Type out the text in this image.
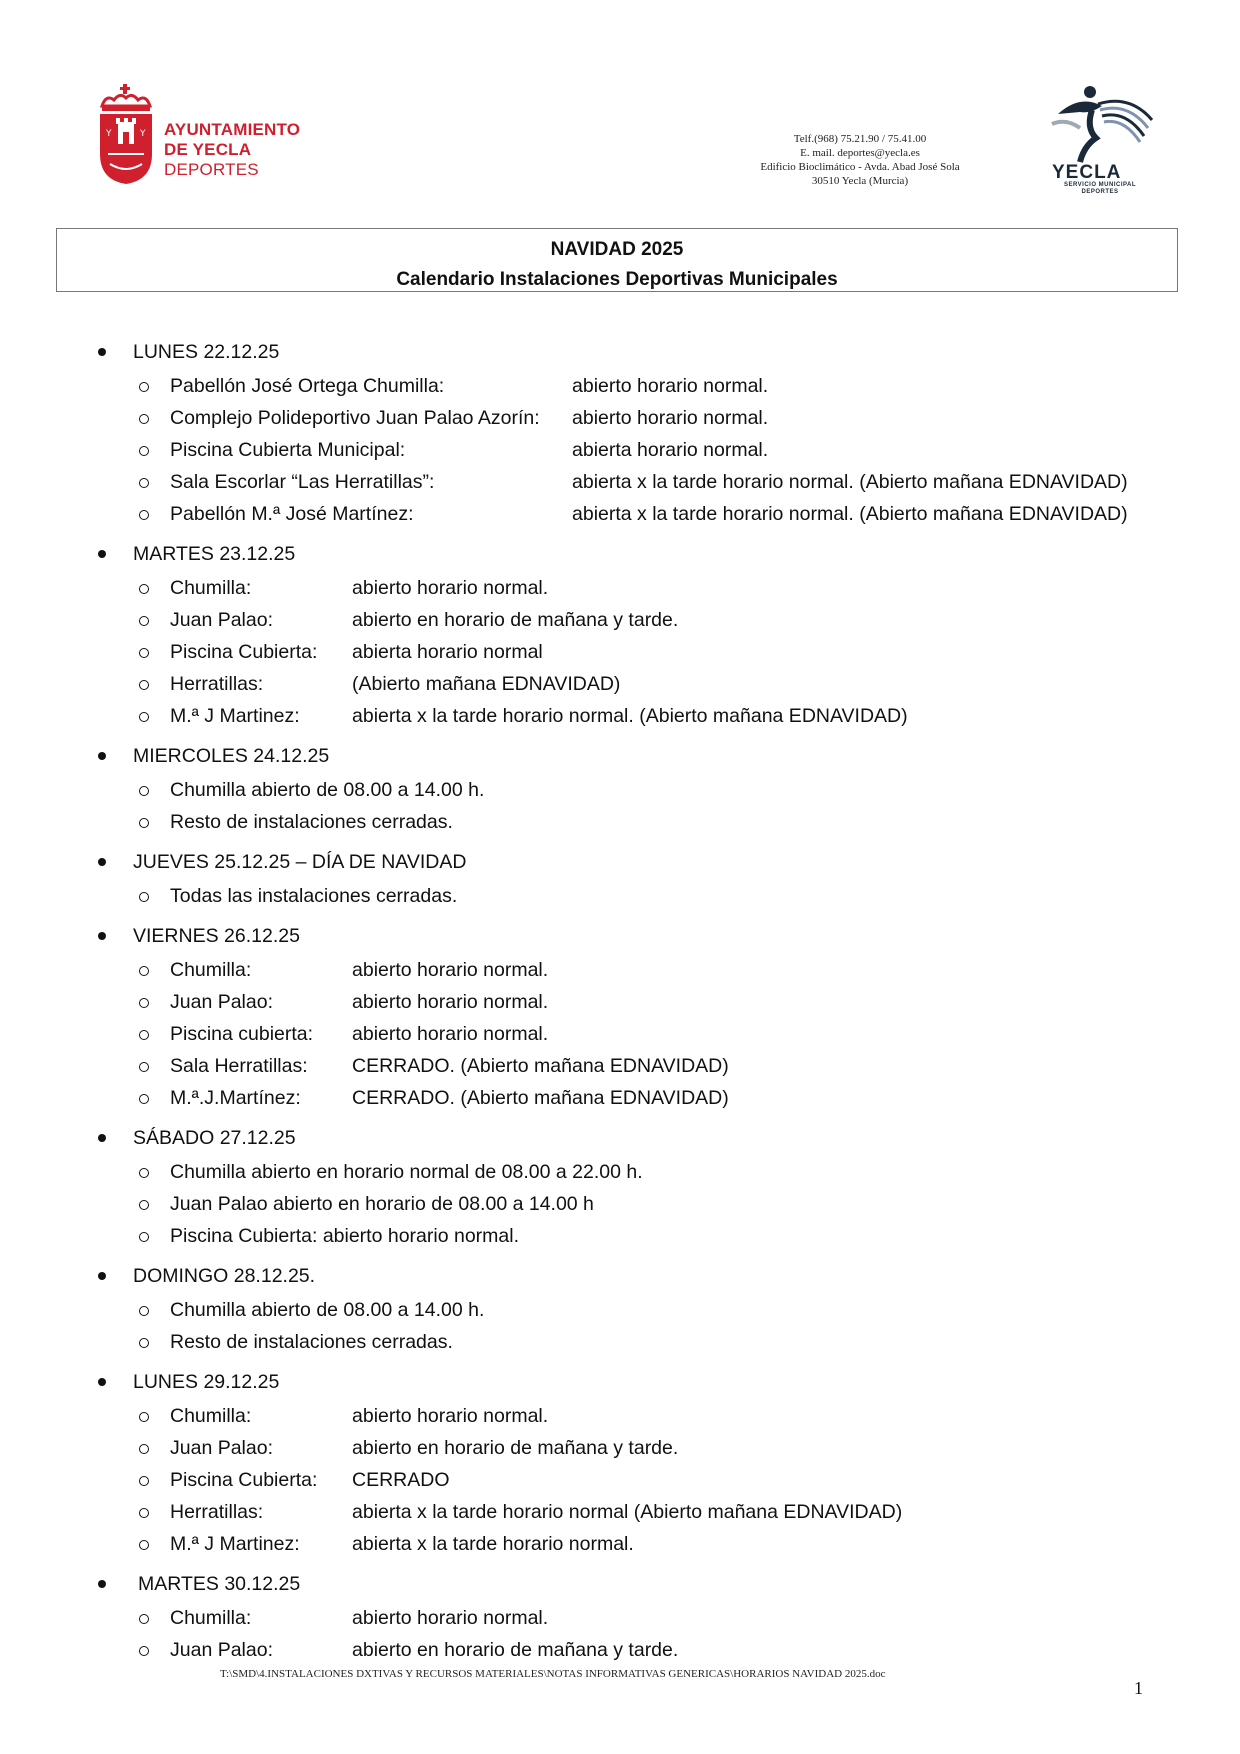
Y	Y AYUNTAMIENTO
DE YECLA
DEPORTES
Telf.(968) 75.21.90 / 75.41.00
E. mail. deportes@yecla.es
Edificio Bioclimático - Avda. Abad José Sola
30510 Yecla (Murcia)	YECLA
SERVICIO MUNICIPAL DEPORTES
NAVIDAD 2025
Calendario Instalaciones Deportivas Municipales
LUNES 22.12.25
Pabellón José Ortega Chumilla:	abierto horario normal.
Complejo Polideportivo Juan Palao Azorín: abierto horario normal.
Piscina Cubierta Municipal:	abierta horario normal.
Sala Escorlar “Las Herratillas”:	abierta x la tarde horario normal. (Abierto mañana EDNAVIDAD)
Pabellón M.ª José Martínez:	abierta x la tarde horario normal. (Abierto mañana EDNAVIDAD)
MARTES 23.12.25
Chumilla:	abierto horario normal.
Juan Palao:	abierto en horario de mañana y tarde.
Piscina Cubierta: abierta horario normal
Herratillas:	(Abierto mañana EDNAVIDAD)
M.ª J Martinez:	abierta x la tarde horario normal. (Abierto mañana EDNAVIDAD)
MIERCOLES 24.12.25
Chumilla abierto de 08.00 a 14.00 h.
Resto de instalaciones cerradas.
JUEVES 25.12.25 – DÍA DE NAVIDAD
Todas las instalaciones cerradas.
VIERNES 26.12.25
Chumilla:	abierto horario normal.
Juan Palao:	abierto horario normal.
Piscina cubierta: abierto horario normal.
Sala Herratillas: CERRADO. (Abierto mañana EDNAVIDAD)
M.ª.J.Martínez:	CERRADO. (Abierto mañana EDNAVIDAD)
SÁBADO 27.12.25
Chumilla abierto en horario normal de 08.00 a 22.00 h.
Juan Palao abierto en horario de 08.00 a 14.00 h
Piscina Cubierta: abierto horario normal.
DOMINGO 28.12.25.
Chumilla abierto de 08.00 a 14.00 h.
Resto de instalaciones cerradas.
LUNES 29.12.25
Chumilla:	abierto horario normal.
Juan Palao:	abierto en horario de mañana y tarde.
Piscina Cubierta: CERRADO
Herratillas:	abierta x la tarde horario normal (Abierto mañana EDNAVIDAD)
M.ª J Martinez:	abierta x la tarde horario normal.
MARTES 30.12.25
Chumilla:	abierto horario normal.
Juan Palao:	abierto en horario de mañana y tarde.
T:\SMD\4.INSTALACIONES DXTIVAS Y RECURSOS MATERIALES\NOTAS INFORMATIVAS GENERICAS\HORARIOS NAVIDAD 2025.doc
1
